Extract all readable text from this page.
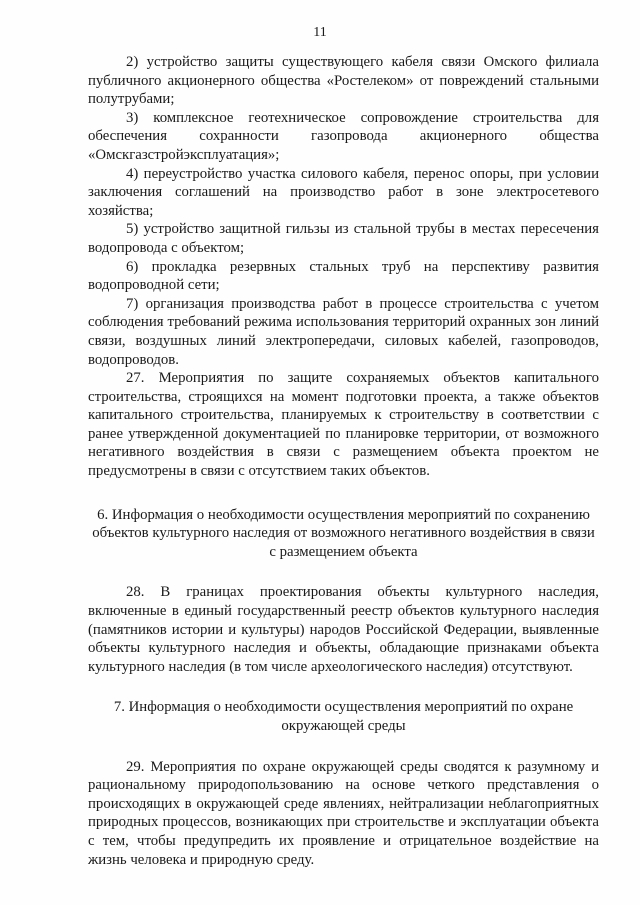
11

2) устройство защиты существующего кабеля связи Омского филиала публичного акционерного общества «Ростелеком» от повреждений стальными полутрубами;

3) комплексное геотехническое сопровождение строительства для обеспечения сохранности газопровода акционерного общества «Омскгазстройэксплуатация»;

4) переустройство участка силового кабеля, перенос опоры, при условии заключения соглашений на производство работ в зоне электросетевого хозяйства;

5) устройство защитной гильзы из стальной трубы в местах пересечения водопровода с объектом;

6) прокладка резервных стальных труб на перспективу развития водопроводной сети;

7) организация производства работ в процессе строительства с учетом соблюдения требований режима использования территорий охранных зон линий связи, воздушных линий электропередачи, силовых кабелей, газопроводов, водопроводов.

27. Мероприятия по защите сохраняемых объектов капитального строительства, строящихся на момент подготовки проекта, а также объектов капитального строительства, планируемых к строительству в соответствии с ранее утвержденной документацией по планировке территории, от возможного негативного воздействия в связи с размещением объекта проектом не предусмотрены в связи с отсутствием таких объектов.

6. Информация о необходимости осуществления мероприятий по сохранению объектов культурного наследия от возможного негативного воздействия в связи с размещением объекта

28. В границах проектирования объекты культурного наследия, включенные в единый государственный реестр объектов культурного наследия (памятников истории и культуры) народов Российской Федерации, выявленные объекты культурного наследия и объекты, обладающие признаками объекта культурного наследия (в том числе археологического наследия) отсутствуют.

7. Информация о необходимости осуществления мероприятий по охране окружающей среды

29. Мероприятия по охране окружающей среды сводятся к разумному и рациональному природопользованию на основе четкого представления о происходящих в окружающей среде явлениях, нейтрализации неблагоприятных природных процессов, возникающих при строительстве и эксплуатации объекта с тем, чтобы предупредить их проявление и отрицательное воздействие на жизнь человека и природную среду.
